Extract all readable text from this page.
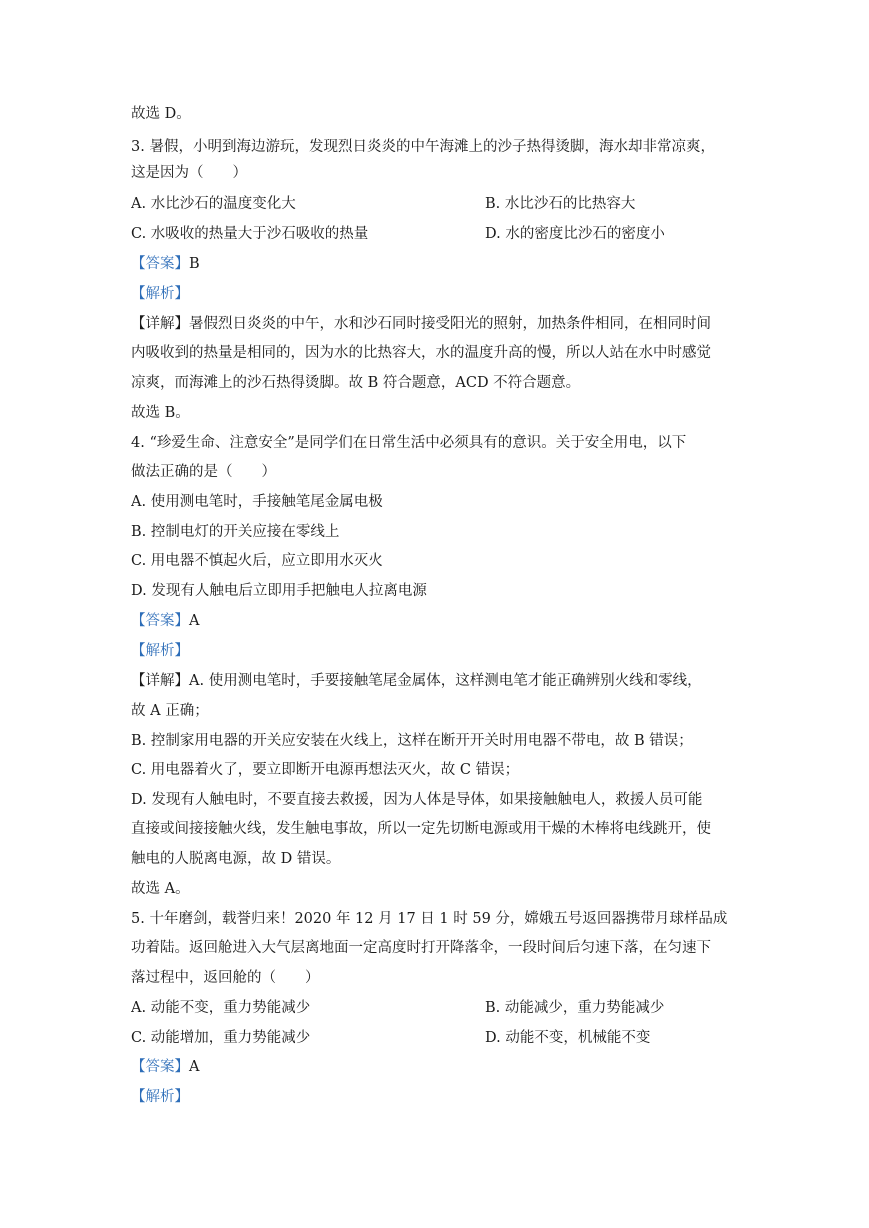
故选 D。
3. 暑假，小明到海边游玩，发现烈日炎炎的中午海滩上的沙子热得烫脚，海水却非常凉爽，
这是因为（　　）
A. 水比沙石的温度变化大	B. 水比沙石的比热容大
C. 水吸收的热量大于沙石吸收的热量	D. 水的密度比沙石的密度小
【答案】B
【解析】
【详解】暑假烈日炎炎的中午，水和沙石同时接受阳光的照射，加热条件相同，在相同时间
内吸收到的热量是相同的，因为水的比热容大，水的温度升高的慢，所以人站在水中时感觉
凉爽，而海滩上的沙石热得烫脚。故 B 符合题意，ACD 不符合题意。
故选 B。
4. “珍爱生命、注意安全”是同学们在日常生活中必须具有的意识。关于安全用电，以下
做法正确的是（　　）
A. 使用测电笔时，手接触笔尾金属电极
B. 控制电灯的开关应接在零线上
C. 用电器不慎起火后，应立即用水灭火
D. 发现有人触电后立即用手把触电人拉离电源
【答案】A
【解析】
【详解】A. 使用测电笔时，手要接触笔尾金属体，这样测电笔才能正确辨别火线和零线，
故 A 正确；
B. 控制家用电器的开关应安装在火线上，这样在断开开关时用电器不带电，故 B 错误；
C. 用电器着火了，要立即断开电源再想法灭火，故 C 错误；
D. 发现有人触电时，不要直接去救援，因为人体是导体，如果接触触电人，救援人员可能
直接或间接接触火线，发生触电事故，所以一定先切断电源或用干燥的木棒将电线跳开，使
触电的人脱离电源，故 D 错误。
故选 A。
5. 十年磨剑，载誉归来！2020 年 12 月 17 日 1 时 59 分，嫦娥五号返回器携带月球样品成
功着陆。返回舱进入大气层离地面一定高度时打开降落伞，一段时间后匀速下落，在匀速下
落过程中，返回舱的（　　）
A. 动能不变，重力势能减少	B. 动能减少，重力势能减少
C. 动能增加，重力势能减少	D. 动能不变，机械能不变
【答案】A
【解析】
